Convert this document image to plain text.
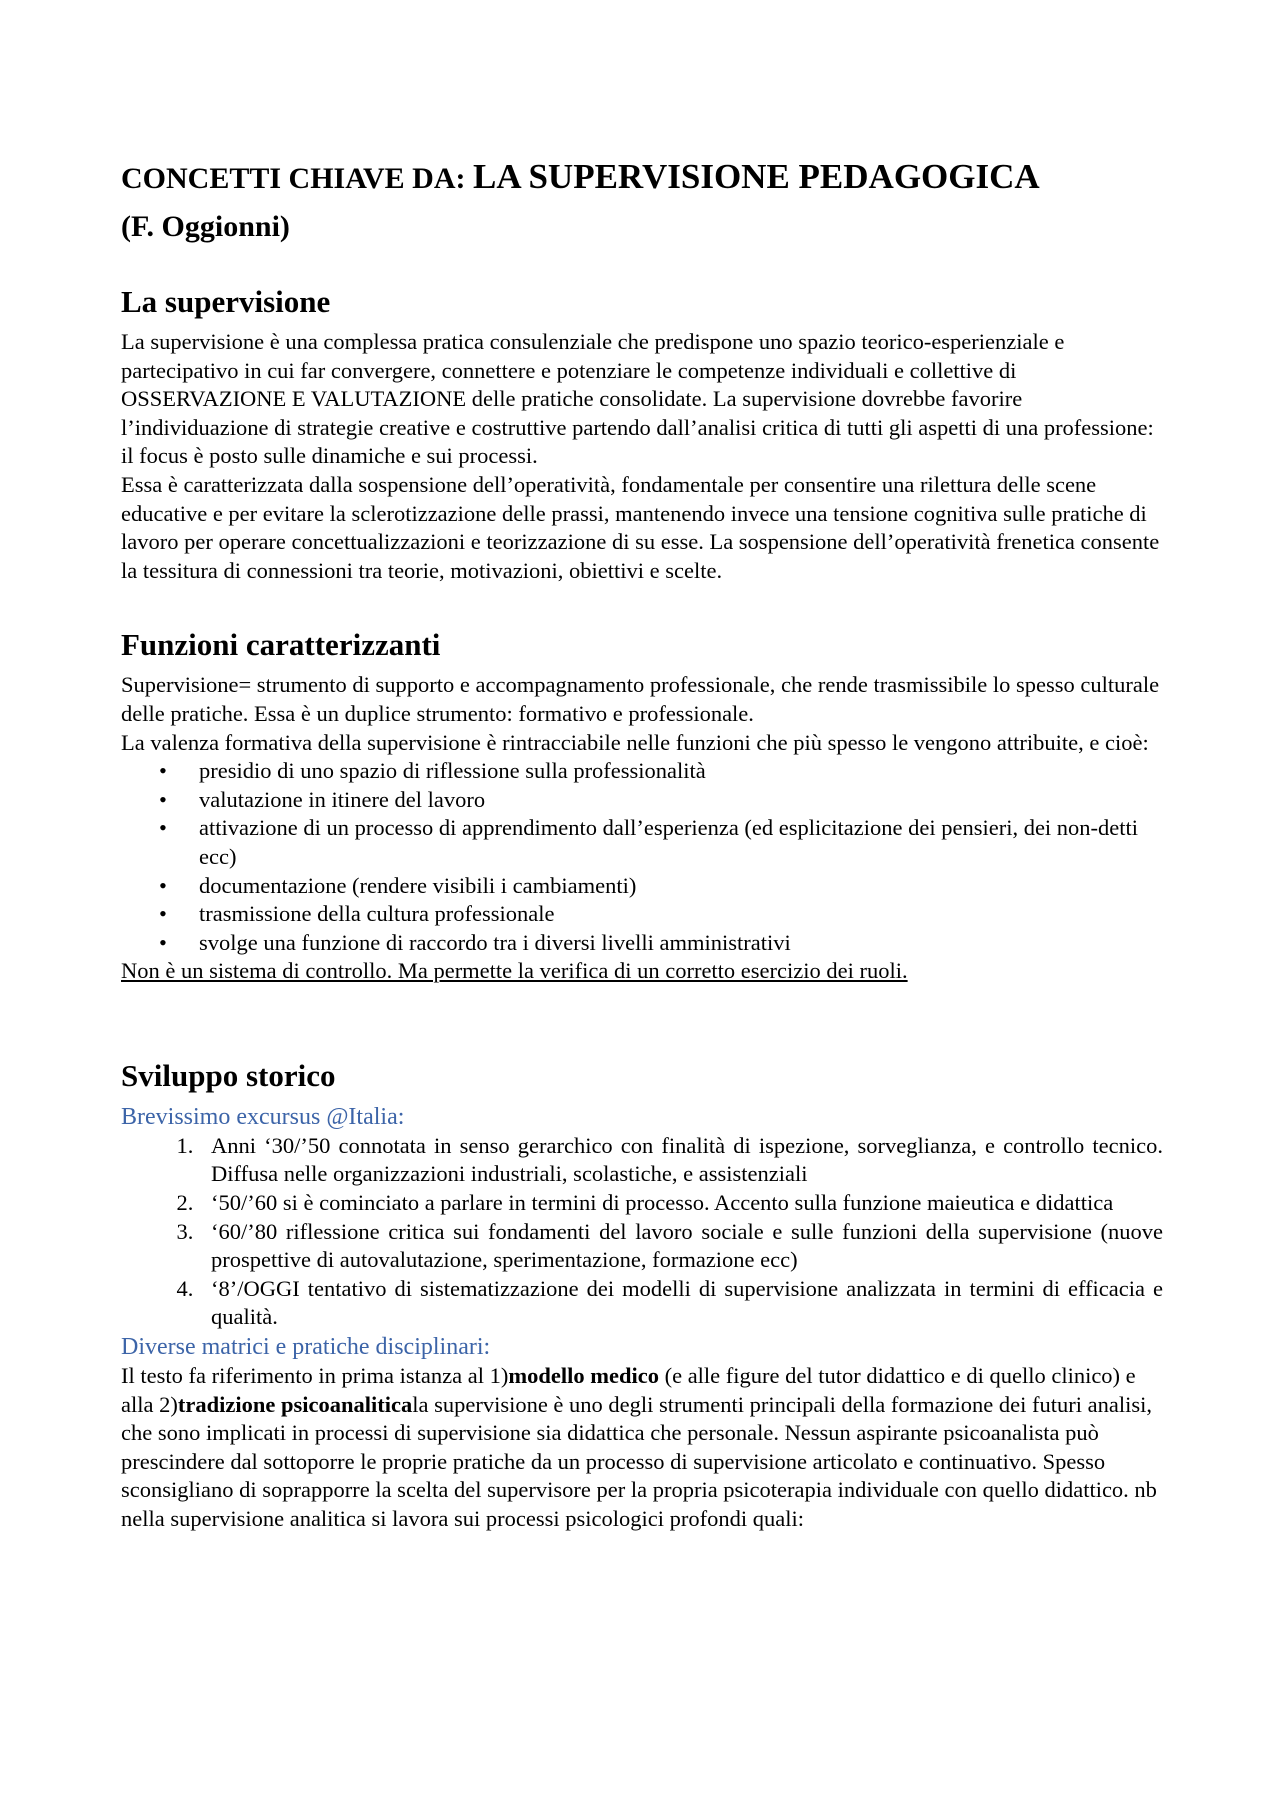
CONCETTI CHIAVE DA: LA SUPERVISIONE PEDAGOGICA
(F. Oggionni)
La supervisione

La supervisione è una complessa pratica consulenziale che predispone uno spazio teorico-esperienziale e partecipativo in cui far convergere, connettere e potenziare le competenze individuali e collettive di OSSERVAZIONE E VALUTAZIONE delle pratiche consolidate. La supervisione dovrebbe favorire l’individuazione di strategie creative e costruttive partendo dall’analisi critica di tutti gli aspetti di una professione: il focus è posto sulle dinamiche e sui processi.

Essa è caratterizzata dalla sospensione dell’operatività, fondamentale per consentire una rilettura delle scene educative e per evitare la sclerotizzazione delle prassi, mantenendo invece una tensione cognitiva sulle pratiche di lavoro per operare concettualizzazioni e teorizzazione di su esse. La sospensione dell’operatività frenetica consente la tessitura di connessioni tra teorie, motivazioni, obiettivi e scelte.

Funzioni caratterizzanti

Supervisione= strumento di supporto e accompagnamento professionale, che rende trasmissibile lo spesso culturale delle pratiche. Essa è un duplice strumento: formativo e professionale.

La valenza formativa della supervisione è rintracciabile nelle funzioni che più spesso le vengono attribuite, e cioè:

• presidio di uno spazio di riflessione sulla professionalità
• valutazione in itinere del lavoro
• attivazione di un processo di apprendimento dall’esperienza (ed esplicitazione dei pensieri, dei non-detti ecc)
• documentazione (rendere visibili i cambiamenti)
• trasmissione della cultura professionale
• svolge una funzione di raccordo tra i diversi livelli amministrativi

Non è un sistema di controllo. Ma permette la verifica di un corretto esercizio dei ruoli.

Sviluppo storico

Brevissimo excursus @Italia:

1. Anni ‘30/’50 connotata in senso gerarchico con finalità di ispezione, sorveglianza, e controllo tecnico. Diffusa nelle organizzazioni industriali, scolastiche, e assistenziali
2. ‘50/’60 si è cominciato a parlare in termini di processo. Accento sulla funzione maieutica e didattica
3. ‘60/’80 riflessione critica sui fondamenti del lavoro sociale e sulle funzioni della supervisione (nuove prospettive di autovalutazione, sperimentazione, formazione ecc)
4. ‘8’/OGGI tentativo di sistematizzazione dei modelli di supervisione analizzata in termini di efficacia e qualità.

Diverse matrici e pratiche disciplinari:

Il testo fa riferimento in prima istanza al 1)modello medico (e alle figure del tutor didattico e di quello clinico) e alla 2)tradizione psicoanaliticala supervisione è uno degli strumenti principali della formazione dei futuri analisi, che sono implicati in processi di supervisione sia didattica che personale. Nessun aspirante psicoanalista può prescindere dal sottoporre le proprie pratiche da un processo di supervisione articolato e continuativo. Spesso sconsigliano di soprapporre la scelta del supervisore per la propria psicoterapia individuale con quello didattico. nb nella supervisione analitica si lavora sui processi psicologici profondi quali:
